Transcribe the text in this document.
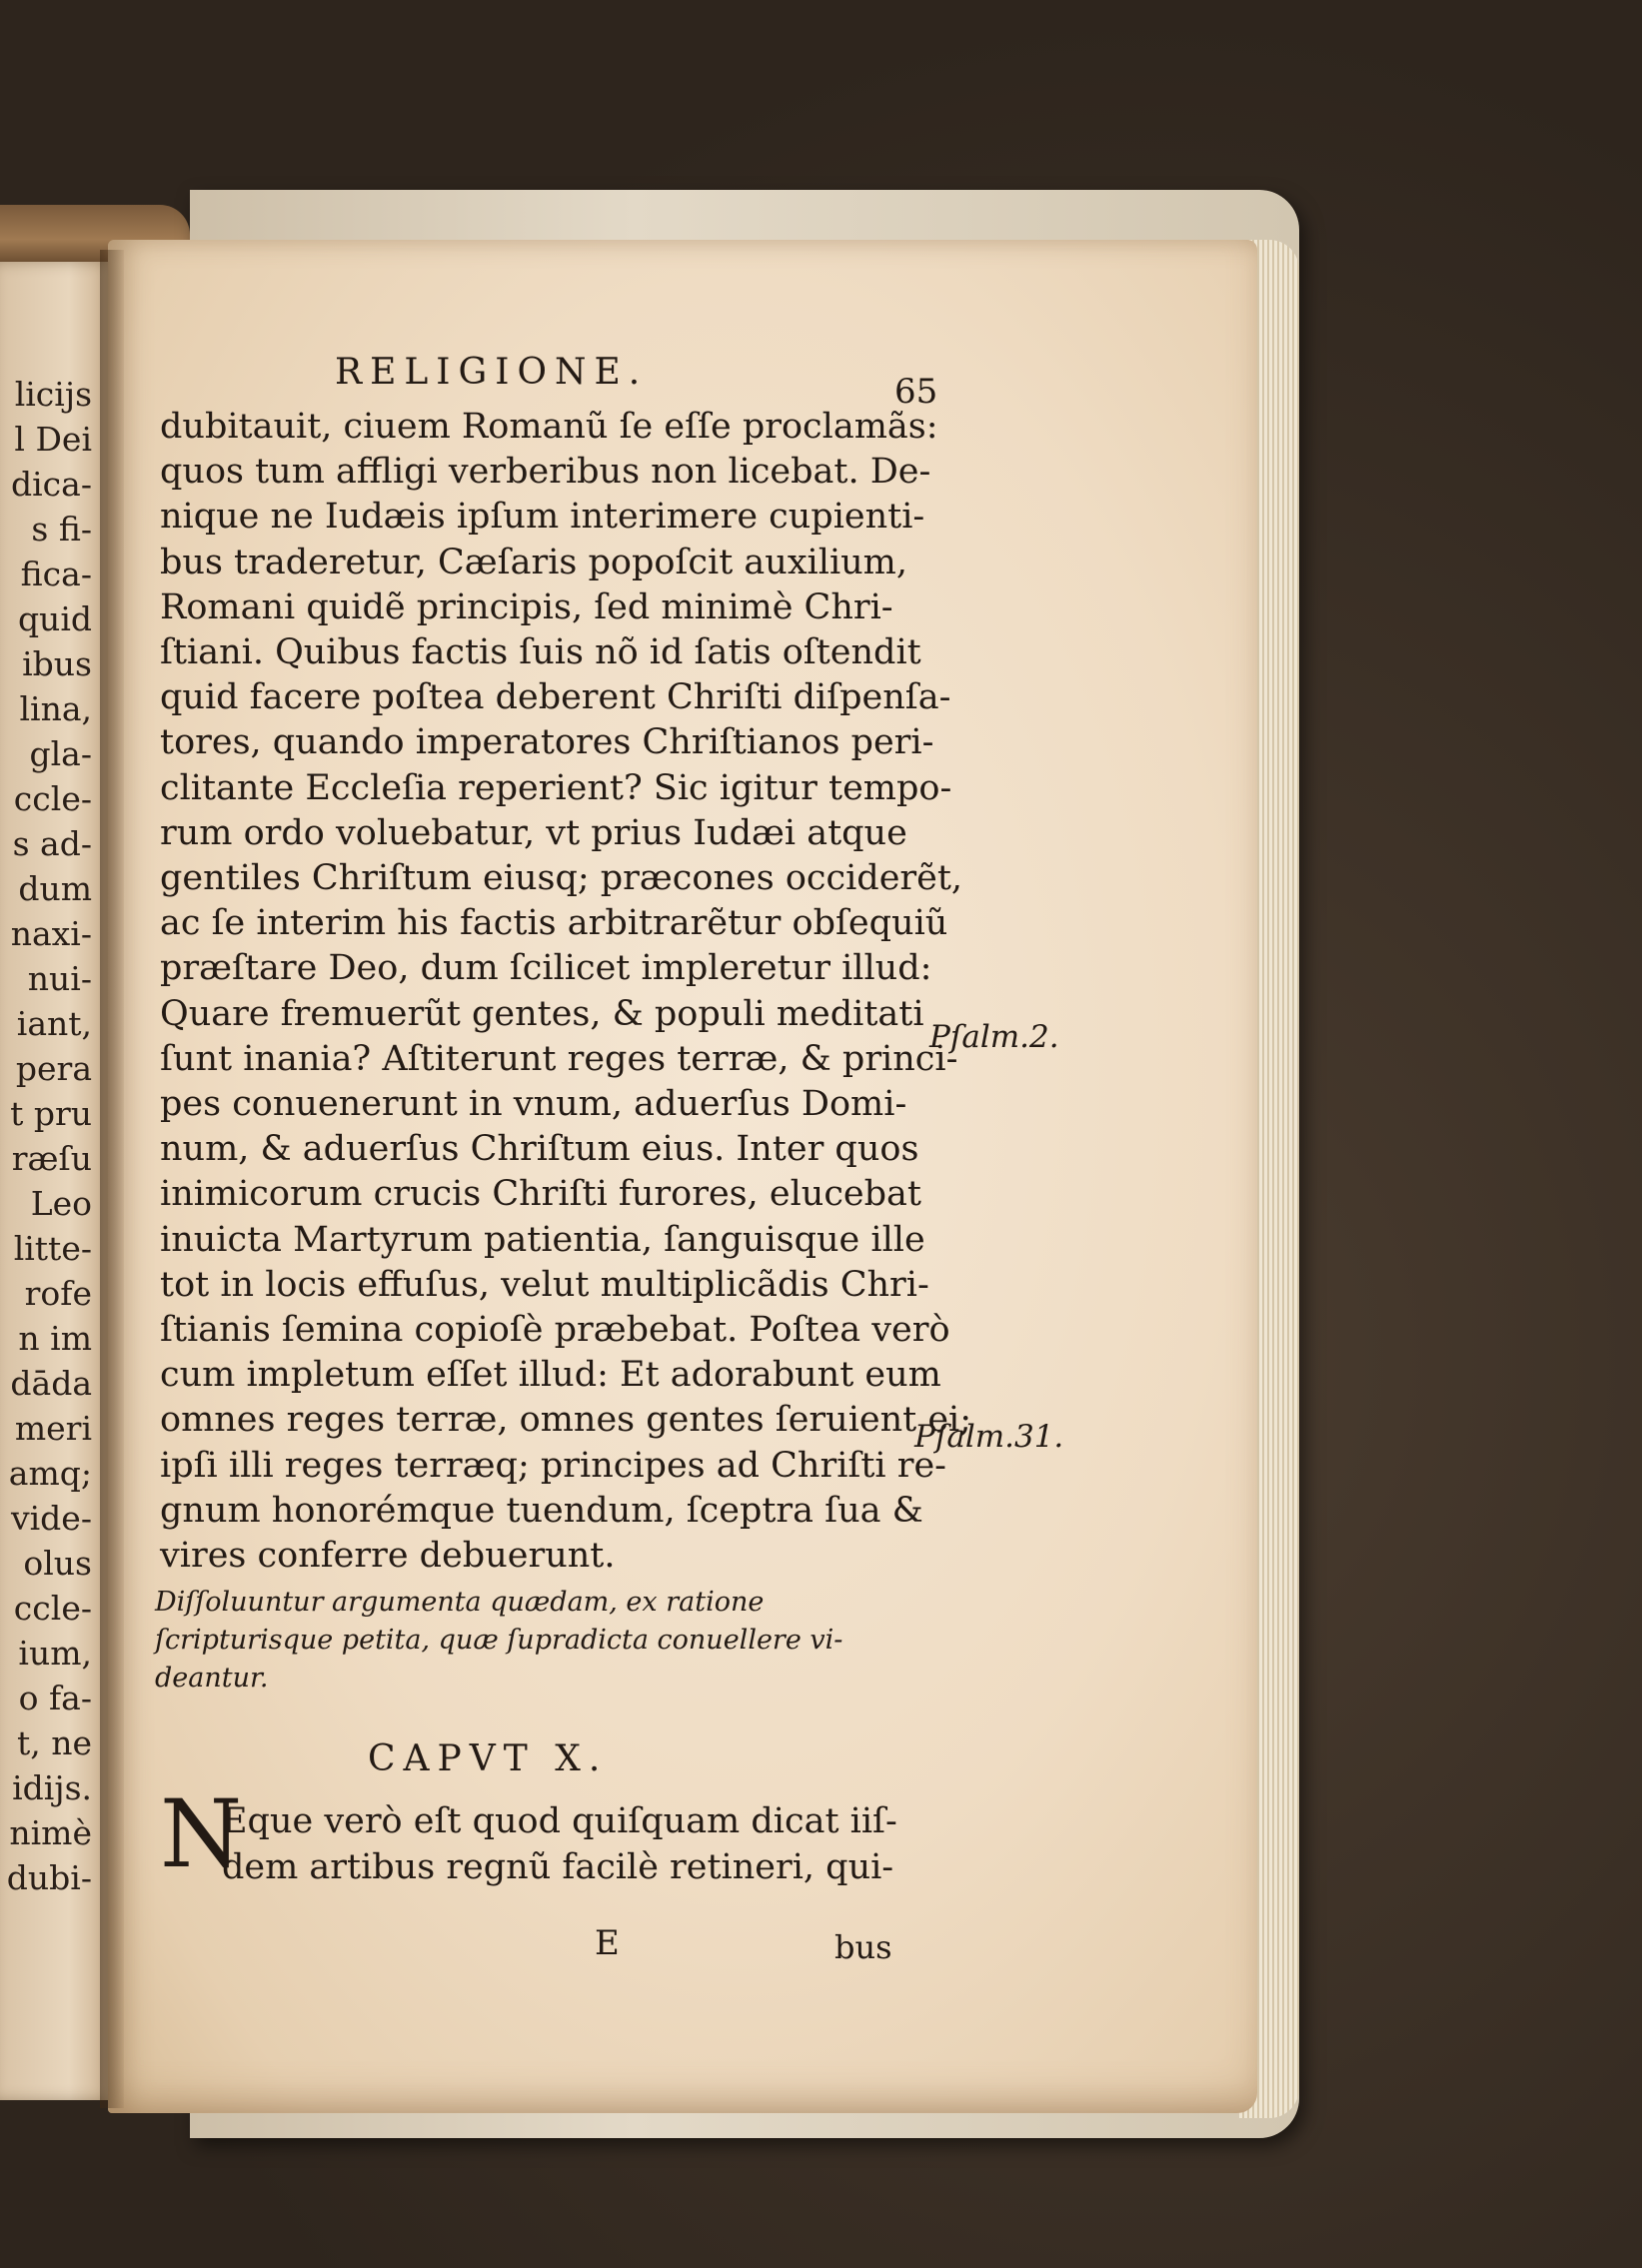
licijs
l Dei
dica-
s fi-
fica-
quid
ibus
lina,
gla-
ccle-
s ad-
dum
naxi-
nui-
iant,
pera
t pru
ræſu
Leo
litte-
rofe
n im
dāda
meri
amq;
vide-
olus
ccle-
ium,
o fa-
t, ne
idijs.
nimè
dubi-
RELIGIONE.	65
dubitauit, ciuem Romanũ ſe eſſe proclamãs:
quos tum affligi verberibus non licebat. De-
nique ne Iudæis ipſum interimere cupienti-
bus traderetur, Cæſaris popoſcit auxilium,
Romani quidẽ principis, ſed minimè Chri-
ſtiani. Quibus factis ſuis nõ id ſatis oſtendit
quid facere poſtea deberent Chriſti diſpenſa-
tores, quando imperatores Chriſtianos peri-
clitante Eccleſia reperient? Sic igitur tempo-
rum ordo voluebatur, vt prius Iudæi atque
gentiles Chriſtum eiusq; præcones occiderẽt,
ac ſe interim his factis arbitrarẽtur obſequiũ
præſtare Deo, dum ſcilicet impleretur illud:
Quare fremuerũt gentes, & populi meditati
ſunt inania? Aſtiterunt reges terræ, & princi-
pes conuenerunt in vnum, aduerſus Domi-
num, & aduerſus Chriſtum eius. Inter quos
inimicorum crucis Chriſti furores, elucebat
inuicta Martyrum patientia, ſanguisque ille
tot in locis effuſus, velut multiplicãdis Chri-
ſtianis ſemina copioſè præbebat. Poſtea verò
cum impletum eſſet illud: Et adorabunt eum
omnes reges terræ, omnes gentes ſeruient ei;
ipſi illi reges terræq; principes ad Chriſti re-
gnum honorémque tuendum, ſceptra ſua &
vires conferre debuerunt.
Pſalm.2.
Pſalm.31.
Diſſoluuntur argumenta quædam, ex ratione
ſcripturisque petita, quæ ſupradicta conuellere vi-
deantur.
CAPVT X.
N
Eque verò eſt quod quiſquam dicat iiſ-
dem artibus regnũ facilè retineri, qui-
E	bus
